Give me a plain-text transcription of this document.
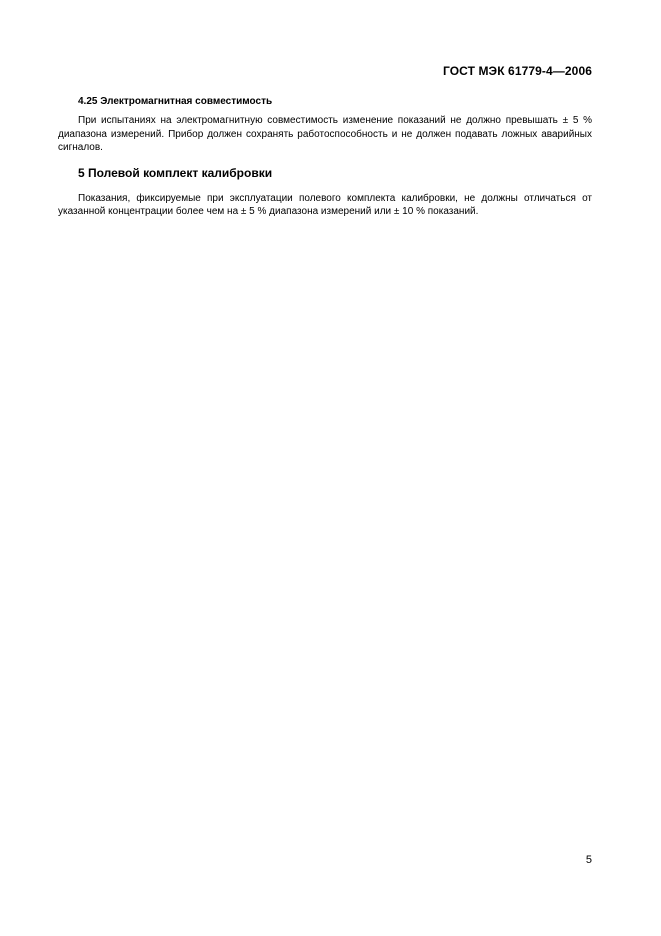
ГОСТ МЭК 61779-4—2006
4.25 Электромагнитная совместимость

При испытаниях на электромагнитную совместимость изменение показаний не должно превышать ± 5 % диапазона измерений. Прибор должен сохранять работоспособность и не должен подавать ложных аварийных сигналов.

5 Полевой комплект калибровки

Показания, фиксируемые при эксплуатации полевого комплекта калибровки, не должны отличаться от указанной концентрации более чем на ± 5 % диапазона измерений или ± 10 % показаний.

5
